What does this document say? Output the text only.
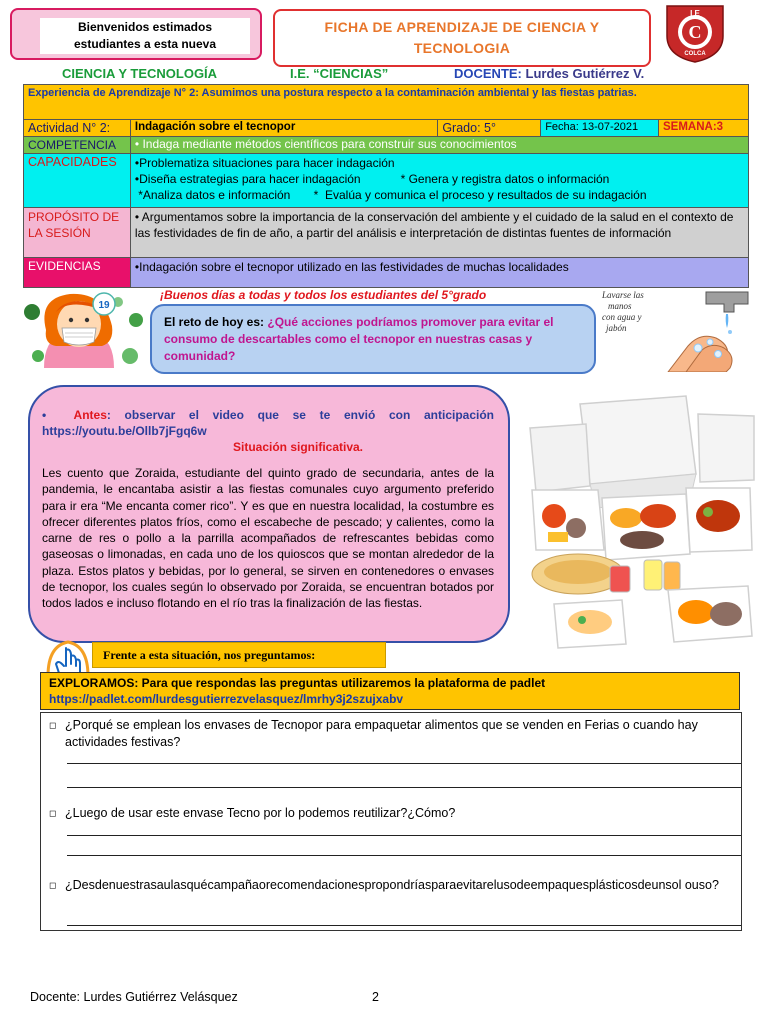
Bienvenidos estimados
estudiantes a esta nueva
FICHA DE APRENDIZAJE DE CIENCIA Y
TECNOLOGIA
C
I E
COLCA
CIENCIA Y TECNOLOGÍA	I.E. “CIENCIAS”	DOCENTE: Lurdes Gutiérrez V.
Experiencia de Aprendizaje N° 2: Asumimos una postura respecto a la contaminación ambiental y las fiestas patrias.				
Actividad N° 2:	Indagación sobre el tecnopor	Grado: 5°	Fecha: 13-07-2021	SEMANA:3
COMPETENCIA	• Indaga mediante métodos científicos para construir sus conocimientos			
CAPACIDADES	•Problematiza situaciones para hacer indagación
•Diseña estrategias para hacer indagación            * Genera y registra datos o información
*Analiza datos e información       *  Evalúa y comunica el proceso y resultados de su indagación			

PROPÓSITO DE LA SESIÓN	• Argumentamos sobre la importancia de la conservación del ambiente y el cuidado de la salud en el contexto de las festividades de fin de año, a partir del análisis e interpretación de distintas fuentes de información			
EVIDENCIAS	•Indagación sobre el tecnopor utilizado en las festividades de muchas localidades			
19
¡Buenos días a todas y todos los estudiantes del 5°grado
El reto de hoy es: ¿Qué acciones podríamos promover para evitar el consumo de descartables como el tecnopor en nuestras casas y comunidad?
Lavarse las
manos
con agua y
jabón
•  Antes: observar el video que se te envió con anticipación https://youtu.be/Ollb7jFgq6w
Situación significativa.
Les cuento que Zoraida, estudiante del quinto grado de secundaria, antes de la pandemia, le encantaba asistir a las fiestas comunales cuyo argumento preferido para ir era “Me encanta comer rico”. Y es que en nuestra localidad, la costumbre es ofrecer diferentes platos fríos, como el escabeche de pescado; y calientes, como la carne de res o pollo a la parrilla acompañados de refrescantes bebidas como gaseosas o limonadas, en cada uno de los quioscos que se montan alrededor de la plaza. Estos platos y bebidas, por lo general, se sirven en contenedores o envases de tecnopor, los cuales según lo observado por Zoraida, se encuentran botados por todos lados e incluso flotando en el río tras la finalización de las fiestas.
Frente a esta situación, nos preguntamos:
EXPLORAMOS: Para que respondas las preguntas utilizaremos la plataforma de padlet
https://padlet.com/lurdesgutierrezvelasquez/lmrhy3j2szujxabv
◻ ¿Porqué se emplean los envases de Tecnopor para empaquetar alimentos que se venden en Ferias o cuando hay actividades festivas?
◻ ¿Luego de usar este envase Tecno por lo podemos reutilizar?¿Cómo?
◻ ¿Desdenuestrasaulasquécampañaorecomendacionespropondríasparaevitarelusodeempaquesplásticosdeunsol ouso?
Docente: Lurdes Gutiérrez Velásquez	2
